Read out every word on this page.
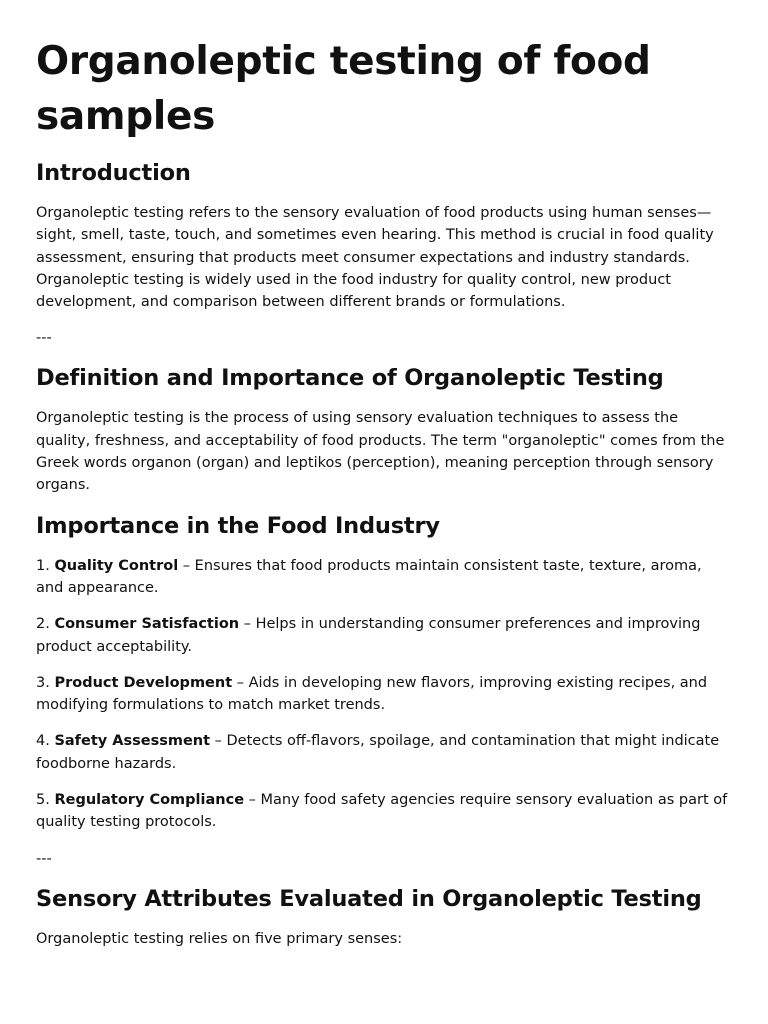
Organoleptic testing of food samples
Introduction

Organoleptic testing refers to the sensory evaluation of food products using human senses—sight, smell, taste, touch, and sometimes even hearing. This method is crucial in food quality assessment, ensuring that products meet consumer expectations and industry standards. Organoleptic testing is widely used in the food industry for quality control, new product development, and comparison between different brands or formulations.

---
Definition and Importance of Organoleptic Testing

Organoleptic testing is the process of using sensory evaluation techniques to assess the quality, freshness, and acceptability of food products. The term "organoleptic" comes from the Greek words organon (organ) and leptikos (perception), meaning perception through sensory organs.

Importance in the Food Industry
1. Quality Control – Ensures that food products maintain consistent taste, texture, aroma, and appearance.
2. Consumer Satisfaction – Helps in understanding consumer preferences and improving product acceptability.
3. Product Development – Aids in developing new flavors, improving existing recipes, and modifying formulations to match market trends.
4. Safety Assessment – Detects off-flavors, spoilage, and contamination that might indicate foodborne hazards.
5. Regulatory Compliance – Many food safety agencies require sensory evaluation as part of quality testing protocols.
---
Sensory Attributes Evaluated in Organoleptic Testing

Organoleptic testing relies on five primary senses:
